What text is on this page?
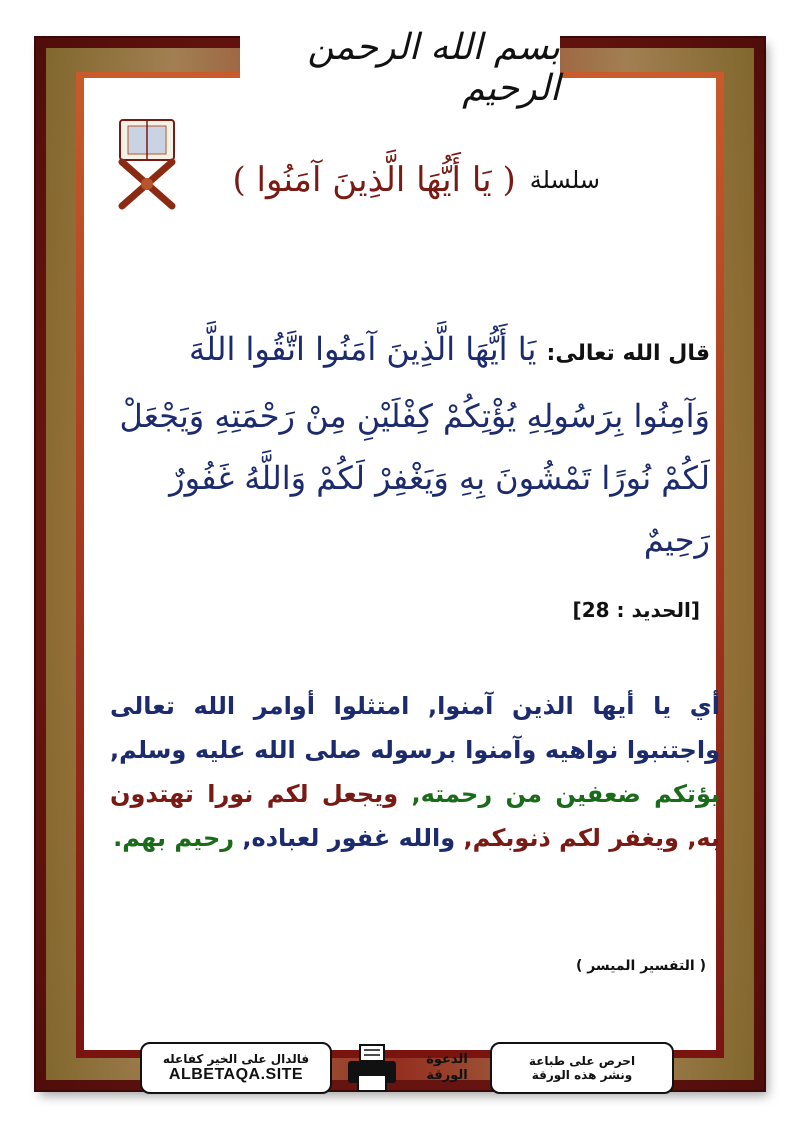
بسم الله الرحمن الرحيم
سلسلة
( يَا أَيُّهَا الَّذِينَ آمَنُوا )
قال الله تعالى: يَا أَيُّهَا الَّذِينَ آمَنُوا اتَّقُوا اللَّهَ وَآمِنُوا بِرَسُولِهِ يُؤْتِكُمْ كِفْلَيْنِ مِنْ رَحْمَتِهِ وَيَجْعَلْ لَكُمْ نُورًا تَمْشُونَ بِهِ وَيَغْفِرْ لَكُمْ وَاللَّهُ غَفُورٌ رَحِيمٌ
[الحديد : 28]
أي يا أيها الذين آمنوا, امتثلوا أوامر الله تعالى واجتنبوا نواهيه وآمنوا برسوله صلى الله عليه وسلم, يؤتكم ضعفين من رحمته, ويجعل لكم نورا تهتدون به, ويغفر لكم ذنوبكم, والله غفور لعباده, رحيم بهم.
( التفسير الميسر )
فالدال على الخير كفاعله
ALBETAQA.SITE
الدعوة الورقة
احرص على طباعة
ونشر هذه الورقة
